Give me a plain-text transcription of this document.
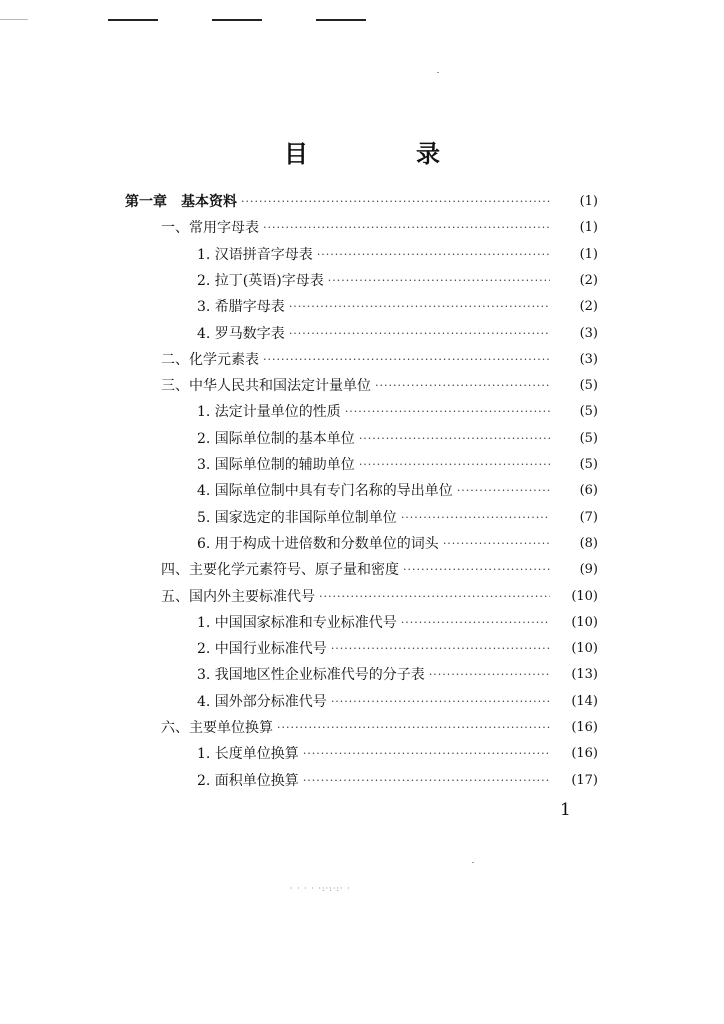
目　录
第一章　基本资料 ·····	(1)
一、常用字母表 ·····	(1)
1. 汉语拼音字母表 ·····	(1)
2. 拉丁(英语)字母表 ·····	(2)
3. 希腊字母表 ·····	(2)
4. 罗马数字表 ·····	(3)
二、化学元素表 ·····	(3)
三、中华人民共和国法定计量单位 ·····	(5)
1. 法定计量单位的性质 ·····	(5)
2. 国际单位制的基本单位 ·····	(5)
3. 国际单位制的辅助单位 ·····	(5)
4. 国际单位制中具有专门名称的导出单位 ·····	(6)
5. 国家选定的非国际单位制单位 ·····	(7)
6. 用于构成十进倍数和分数单位的词头 ·····	(8)
四、主要化学元素符号、原子量和密度 ·····	(9)
五、国内外主要标准代号 ·····	(10)
1. 中国国家标准和专业标准代号 ·····	(10)
2. 中国行业标准代号 ·····	(10)
3. 我国地区性企业标准代号的分子表 ·····	(13)
4. 国外部分标准代号 ·····	(14)
六、主要单位换算 ·····	(16)
1. 长度单位换算 ·····	(16)
2. 面积单位换算 ·····	(17)
1
· · · · ·:·:·:· ·
